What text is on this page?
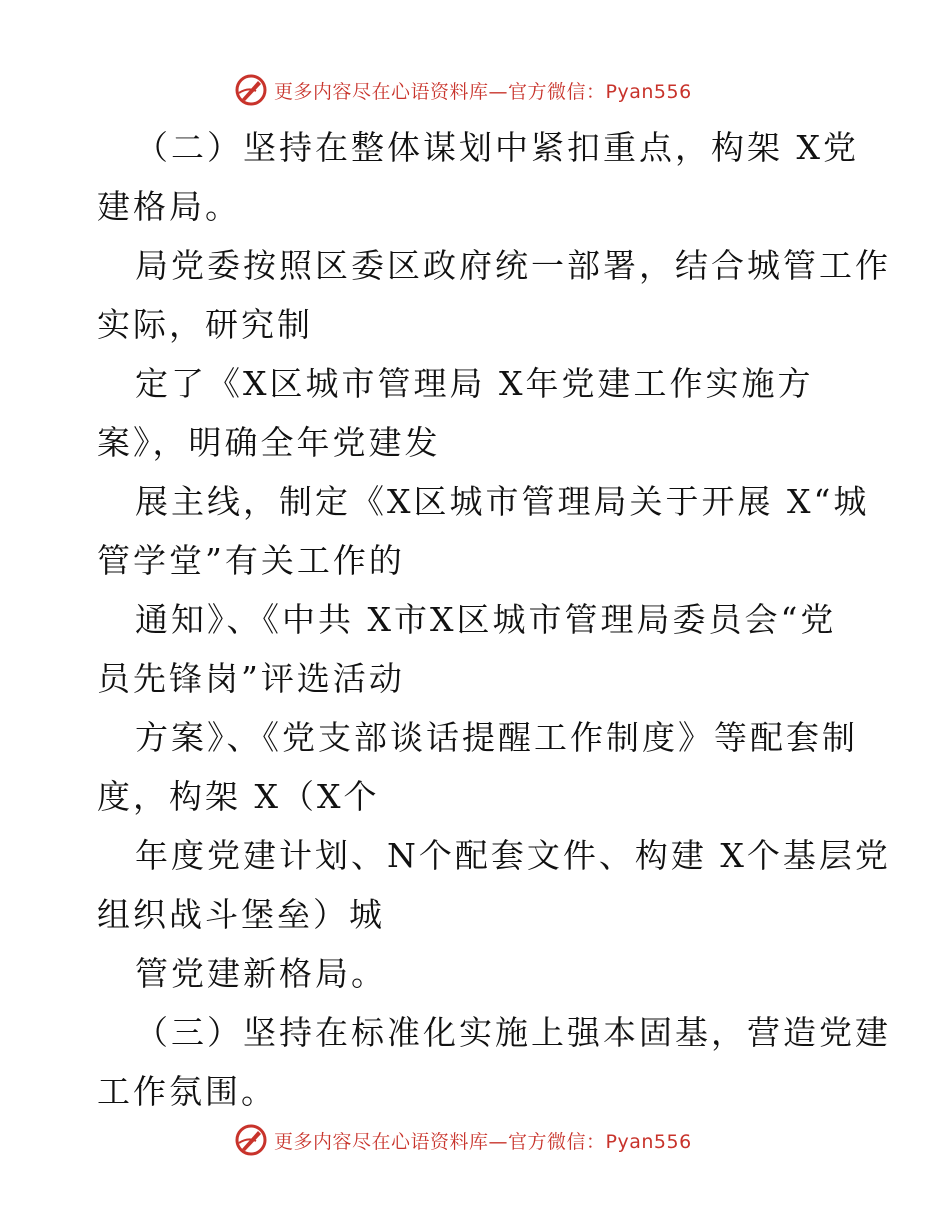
更多内容尽在心语资料库—官方微信：Pyan556

（二）坚持在整体谋划中紧扣重点，构架 X党
建格局。
局党委按照区委区政府统一部署，结合城管工作
实际，研究制
定了《X区城市管理局 X年党建工作实施方
案》，明确全年党建发
展主线，制定《X区城市管理局关于开展 X“城
管学堂”有关工作的
通知》、《中共 X市X区城市管理局委员会“党
员先锋岗”评选活动
方案》、《党支部谈话提醒工作制度》等配套制
度，构架 X（X个
年度党建计划、N个配套文件、构建 X个基层党
组织战斗堡垒）城
管党建新格局。
（三）坚持在标准化实施上强本固基，营造党建
工作氛围。

更多内容尽在心语资料库—官方微信：Pyan556
